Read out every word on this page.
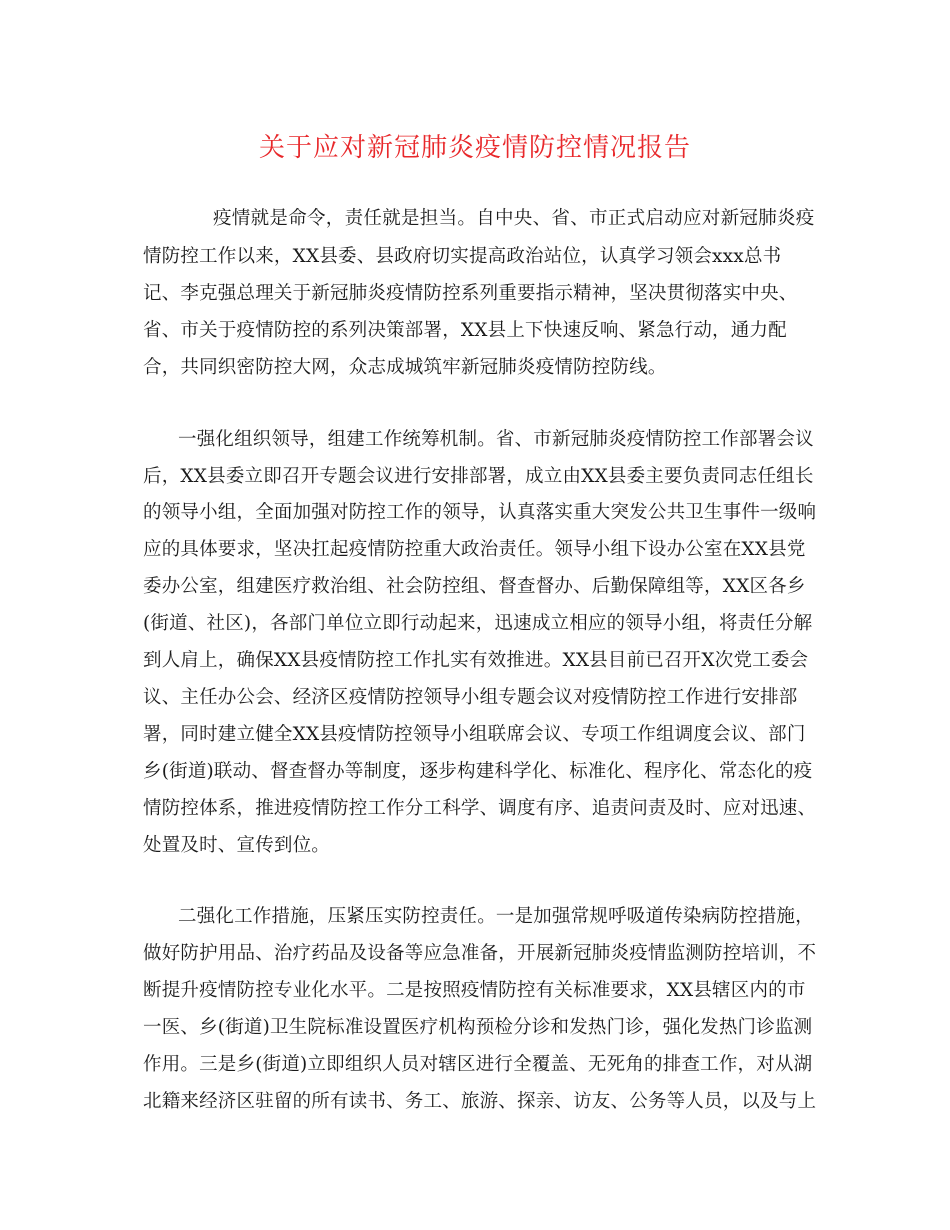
关于应对新冠肺炎疫情防控情况报告

疫情就是命令，责任就是担当。自中央、省、市正式启动应对新冠肺炎疫

情防控工作以来，XX县委、县政府切实提高政治站位，认真学习领会xxx总书

记、李克强总理关于新冠肺炎疫情防控系列重要指示精神，坚决贯彻落实中央、

省、市关于疫情防控的系列决策部署，XX县上下快速反响、紧急行动，通力配

合，共同织密防控大网，众志成城筑牢新冠肺炎疫情防控防线。

一强化组织领导，组建工作统筹机制。省、市新冠肺炎疫情防控工作部署会议

后，XX县委立即召开专题会议进行安排部署，成立由XX县委主要负责同志任组长

的领导小组，全面加强对防控工作的领导，认真落实重大突发公共卫生事件一级响

应的具体要求，坚决扛起疫情防控重大政治责任。领导小组下设办公室在XX县党

委办公室，组建医疗救治组、社会防控组、督查督办、后勤保障组等，XX区各乡

(街道、社区)，各部门单位立即行动起来，迅速成立相应的领导小组，将责任分解

到人肩上，确保XX县疫情防控工作扎实有效推进。XX县目前已召开X次党工委会

议、主任办公会、经济区疫情防控领导小组专题会议对疫情防控工作进行安排部

署，同时建立健全XX县疫情防控领导小组联席会议、专项工作组调度会议、部门

乡(街道)联动、督查督办等制度，逐步构建科学化、标准化、程序化、常态化的疫

情防控体系，推进疫情防控工作分工科学、调度有序、追责问责及时、应对迅速、

处置及时、宣传到位。

二强化工作措施，压紧压实防控责任。一是加强常规呼吸道传染病防控措施，

做好防护用品、治疗药品及设备等应急准备，开展新冠肺炎疫情监测防控培训，不

断提升疫情防控专业化水平。二是按照疫情防控有关标准要求，XX县辖区内的市

一医、乡(街道)卫生院标准设置医疗机构预检分诊和发热门诊，强化发热门诊监测

作用。三是乡(街道)立即组织人员对辖区进行全覆盖、无死角的排查工作，对从湖

北籍来经济区驻留的所有读书、务工、旅游、探亲、访友、公务等人员，以及与上
